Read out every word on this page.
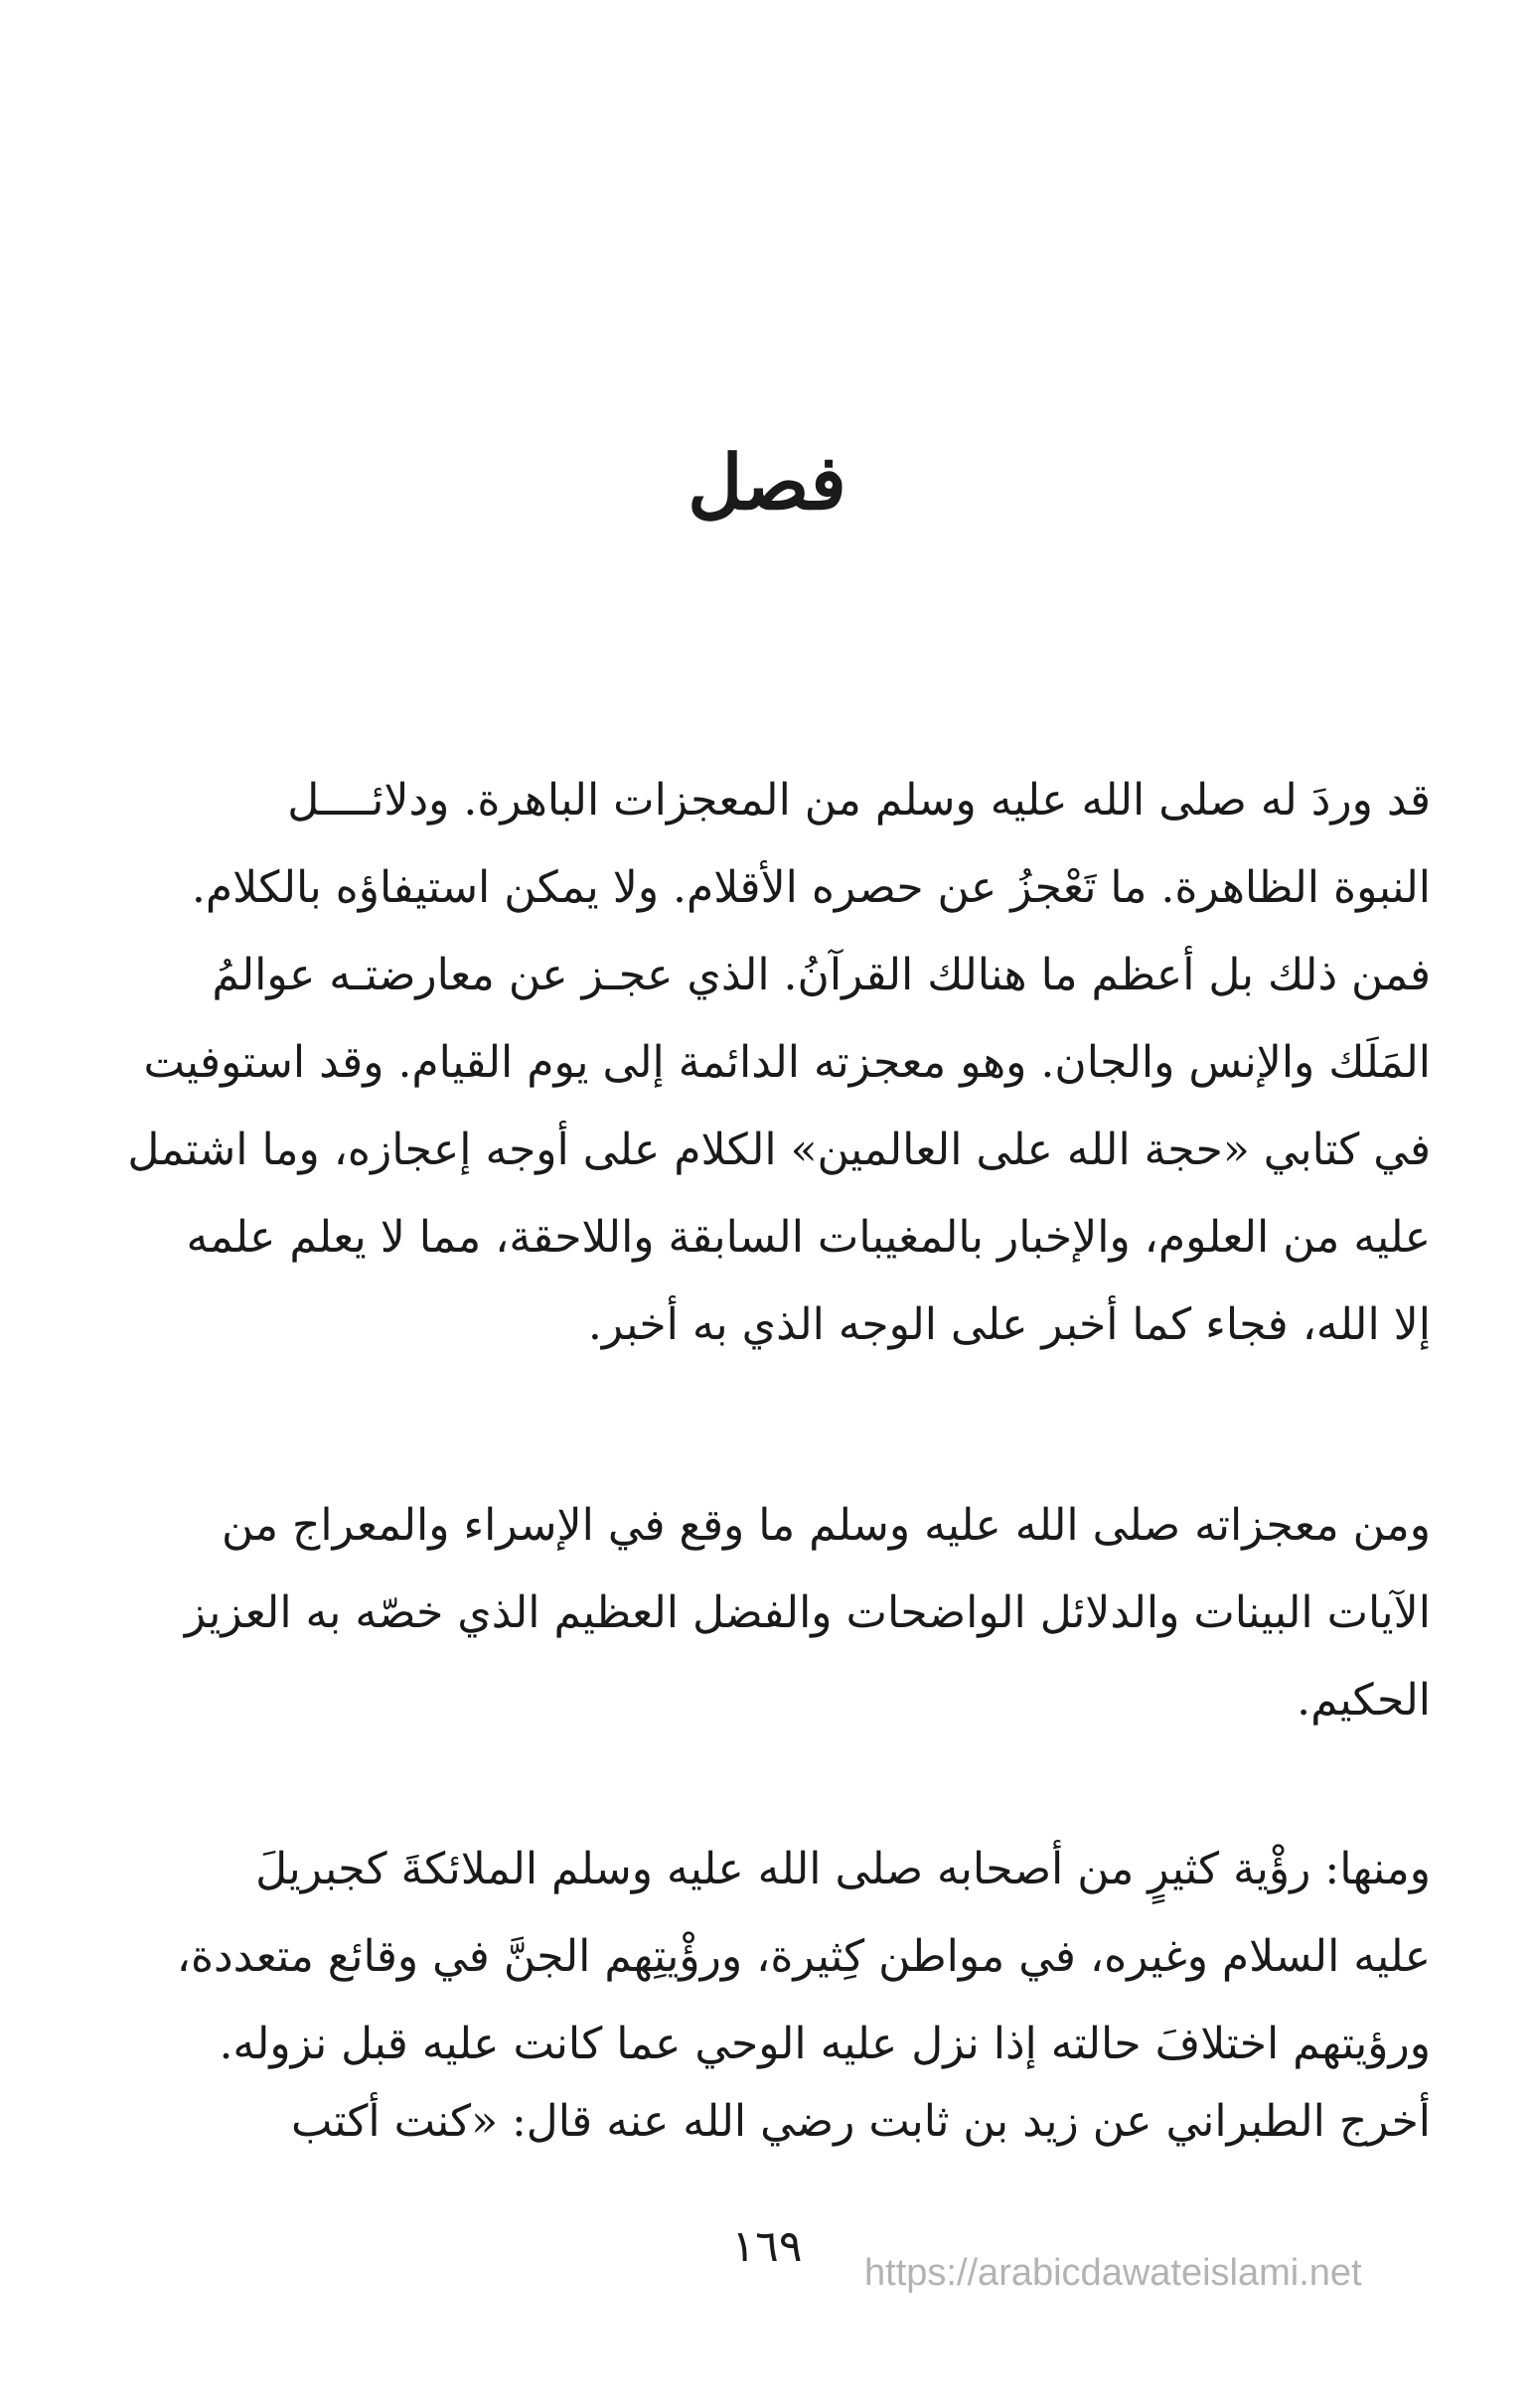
فصل
قد وردَ له صلى الله عليه وسلم من المعجزات الباهرة. ودلائــــل
النبوة الظاهرة. ما تَعْجزُ عن حصره الأقلام. ولا يمكن استيفاؤه بالكلام.
فمن ذلك بل أعظم ما هنالك القرآنُ. الذي عجـز عن معارضتـه عوالمُ
المَلَك والإنس والجان. وهو معجزته الدائمة إلى يوم القيام. وقد استوفيت
في كتابي «حجة الله على العالمين» الكلام على أوجه إعجازه، وما اشتمل
عليه من العلوم، والإخبار بالمغيبات السابقة واللاحقة، مما لا يعلم علمه
إلا الله، فجاء كما أخبر على الوجه الذي به أخبر.
ومن معجزاته صلى الله عليه وسلم ما وقع في الإسراء والمعراج من
الآيات البينات والدلائل الواضحات والفضل العظيم الذي خصّه به العزيز
الحكيم.
ومنها: رؤْية كثيرٍ من أصحابه صلى الله عليه وسلم الملائكةَ كجبريلَ
عليه السلام وغيره، في مواطن كِثيرة، ورؤْيتِهم الجنَّ في وقائع متعددة،
ورؤيتهم اختلافَ حالته إذا نزل عليه الوحي عما كانت عليه قبل نزوله.
أخرج الطبراني عن زيد بن ثابت رضي الله عنه قال: «كنت أكتب
١٦٩
https://arabicdawateislami.net
